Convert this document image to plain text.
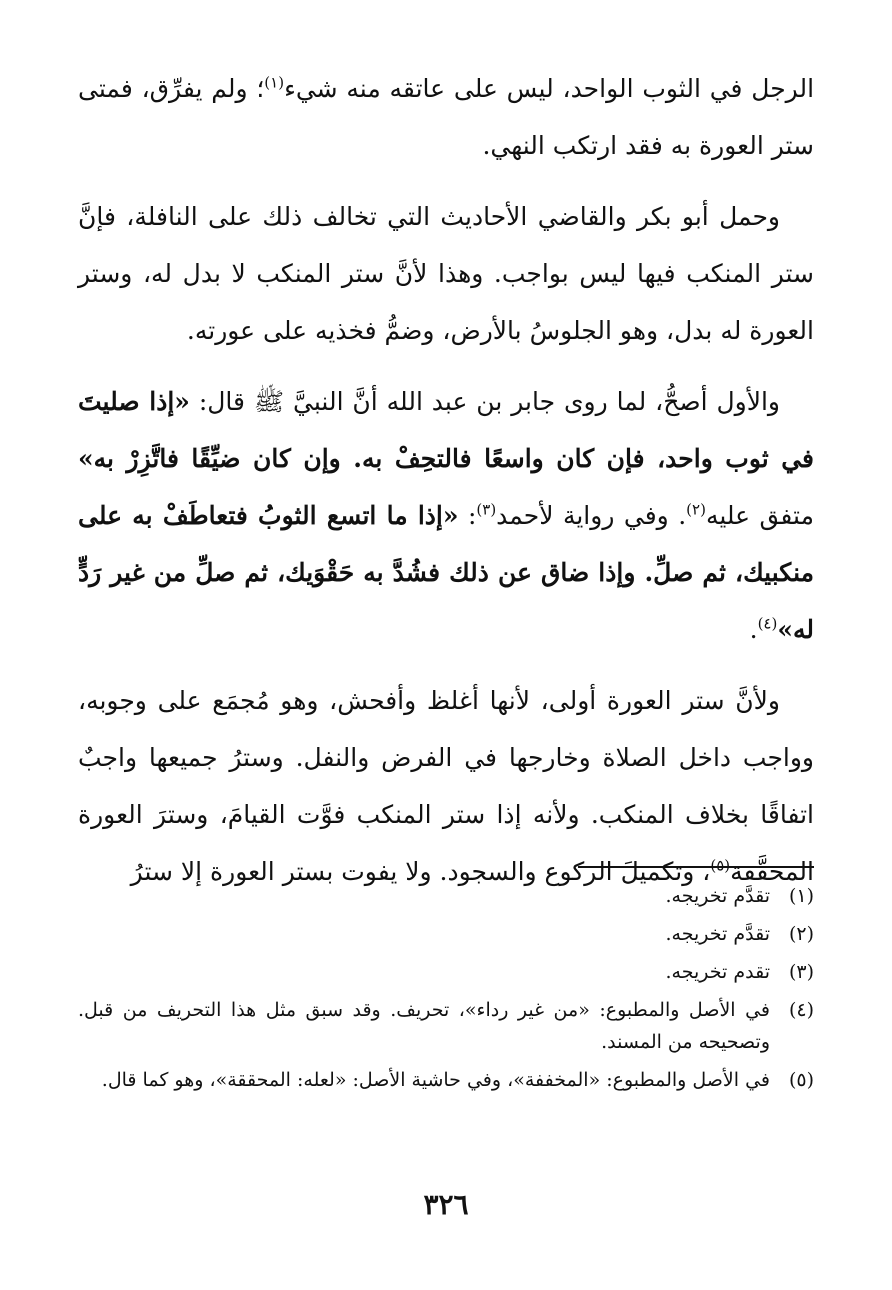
الرجل في الثوب الواحد، ليس على عاتقه منه شيء$^{(١)}$؛ ولم يفرِّق، فمتى ستر العورة به فقد ارتكب النهي.

وحمل أبو بكر والقاضي الأحاديث التي تخالف ذلك على النافلة، فإنَّ ستر المنكب فيها ليس بواجب. وهذا لأنَّ ستر المنكب لا بدل له، وستر العورة له بدل، وهو الجلوسُ بالأرض، وضمُّ فخذيه على عورته.

والأول أصحُّ، لما روى جابر بن عبد الله أنَّ النبيَّ ﷺ قال: «إذا صليتَ في ثوب واحد، فإن كان واسعًا فالتحِفْ به. وإن كان ضيِّقًا فاتَّزِرْ به» متفق عليه$^{(٢)}$. وفي رواية لأحمد$^{(٣)}$: «إذا ما اتسع الثوبُ فتعاطَفْ به على منكبيك، ثم صلِّ. وإذا ضاق عن ذلك فشُدَّ به حَقْوَيك، ثم صلِّ من غير رَدٍّ له»$^{(٤)}$.

ولأنَّ ستر العورة أولى، لأنها أغلظ وأفحش، وهو مُجمَع على وجوبه، وواجب داخل الصلاة وخارجها في الفرض والنفل. وسترُ جميعها واجبٌ اتفاقًا بخلاف المنكب. ولأنه إذا ستر المنكب فوَّت القيامَ، وسترَ العورة المحقَّقة$^{(٥)}$، وتكميلَ الركوع والسجود. ولا يفوت بستر العورة إلا سترُ

(١)
تقدَّم تخريجه.
(٢)
تقدَّم تخريجه.
(٣)
تقدم تخريجه.
(٤)
في الأصل والمطبوع: «من غير رداء»، تحريف. وقد سبق مثل هذا التحريف من قبل. وتصحيحه من المسند.
(٥)
في الأصل والمطبوع: «المخففة»، وفي حاشية الأصل: «لعله: المحققة»، وهو كما قال.
٣٢٦
